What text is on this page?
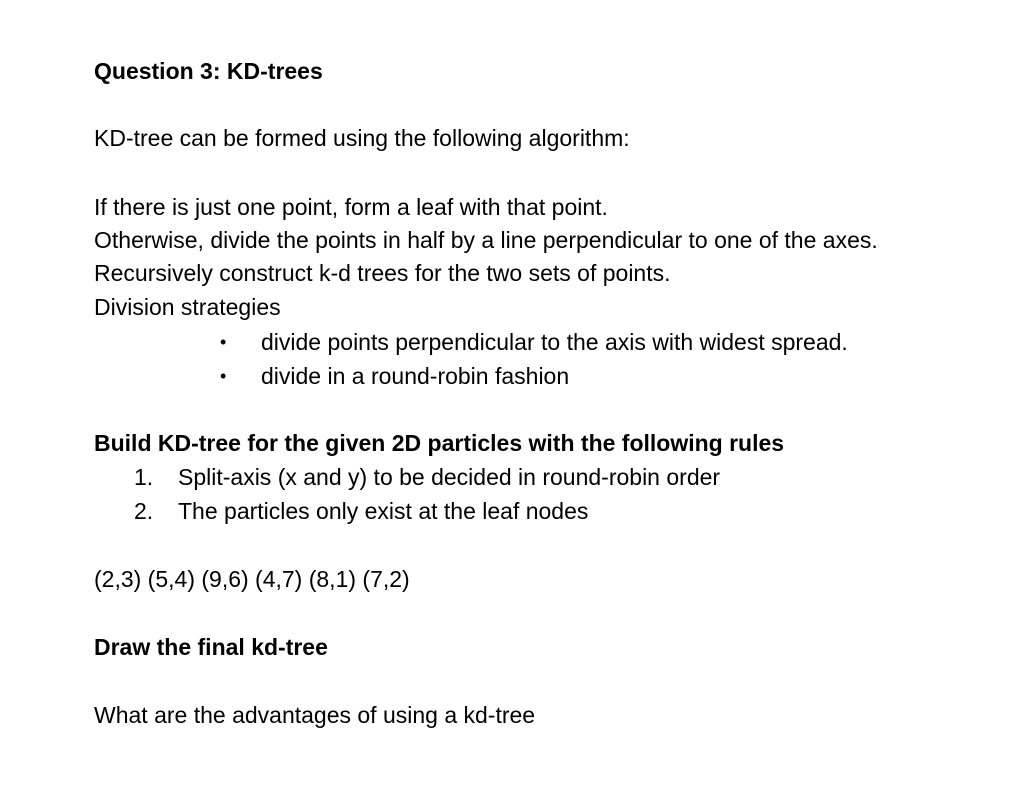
Question 3: KD-trees
KD-tree can be formed using the following algorithm:
If there is just one point, form a leaf with that point.
Otherwise, divide the points in half by a line perpendicular to one of the axes.
Recursively construct k-d trees for the two sets of points.
Division strategies
• divide points perpendicular to the axis with widest spread.
• divide in a round-robin fashion
Build KD-tree for the given 2D particles with the following rules
1.	Split-axis (x and y) to be decided in round-robin order
2.	The particles only exist at the leaf nodes
(2,3) (5,4) (9,6) (4,7) (8,1) (7,2)
Draw the final kd-tree
What are the advantages of using a kd-tree
